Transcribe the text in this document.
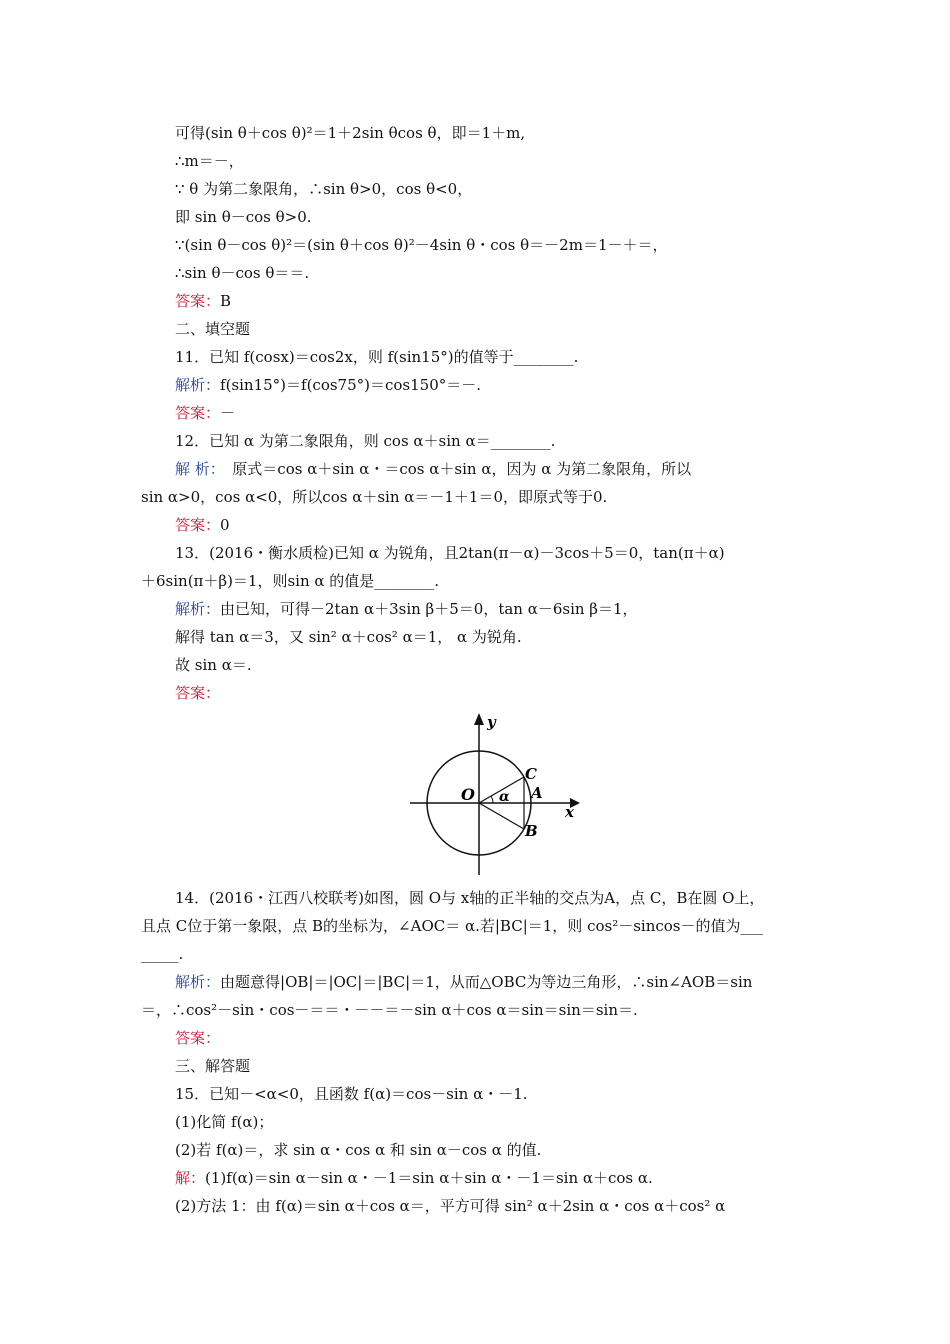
可得(sin θ＋cos θ)²＝1＋2sin θcos θ，即＝1＋m,
∴m＝－，
∵ θ 为第二象限角，∴sin θ>0，cos θ<0，
即 sin θ－cos θ>0.
∵(sin θ－cos θ)²＝(sin θ＋cos θ)²－4sin θ・cos θ＝－2m＝1－＋＝，
∴sin θ－cos θ＝＝.
答案：B
二、填空题
11．已知 f(cosx)＝cos2x，则 f(sin15°)的值等于________.
解析：f(sin15°)＝f(cos75°)＝cos150°＝－.
答案：－
12．已知 α 为第二象限角，则 cos α＋sin α＝________.
解 析：　 原式＝cos α＋sin α・＝cos α＋sin α，因为 α 为第二象限角，所以
sin α>0，cos α<0，所以cos α＋sin α＝－1＋1＝0，即原式等于0.
答案：0
13．(2016・衡水质检)已知 α 为锐角，且2tan(π－α)－3cos＋5＝0，tan(π＋α)
＋6sin(π＋β)＝1，则sin α 的值是________.
解析：由已知，可得－2tan α＋3sin β＋5＝0，tan α－6sin β＝1，
解得 tan α＝3，又 sin² α＋cos² α＝1， α 为锐角.
故 sin α＝.
答案：
y
x
O	A
C
B
α
14．(2016・江西八校联考)如图，圆 O与 x轴的正半轴的交点为A，点 C，B在圆 O上，
且点 C位于第一象限，点 B的坐标为，∠AOC＝ α.若|BC|＝1，则 cos²－sincos－的值为___
_____.
解析：由题意得|OB|＝|OC|＝|BC|＝1，从而△OBC为等边三角形，∴sin∠AOB＝sin
＝，∴cos²－sin・cos－＝＝・－－＝－sin α＋cos α＝sin＝sin＝sin＝.
答案：
三、解答题
15．已知－<α<0，且函数 f(α)＝cos－sin α・－1.
(1)化简 f(α)；
(2)若 f(α)＝，求 sin α・cos α 和 sin α－cos α 的值.
解：(1)f(α)＝sin α－sin α・－1＝sin α＋sin α・－1＝sin α＋cos α.
(2)方法 1：由 f(α)＝sin α＋cos α＝，平方可得 sin² α＋2sin α・cos α＋cos² α
